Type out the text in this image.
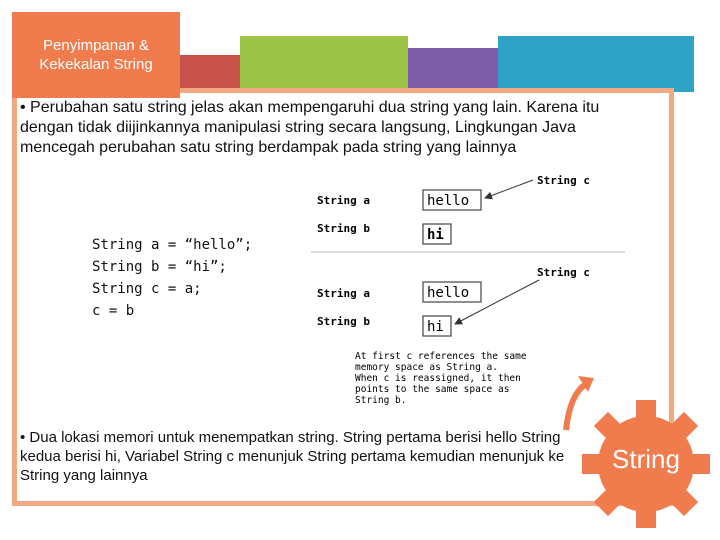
Penyimpanan & Kekekalan String
• Perubahan satu string jelas akan mempengaruhi dua string yang lain. Karena itu dengan tidak diijinkannya manipulasi string secara langsung, Lingkungan Java mencegah perubahan satu string berdampak pada string yang lainnya
String a = “hello”;
String b = “hi”;
String c = a;
c = b
String c
String a	hello
String b	hi
String c
String a	hello
String b	hi
At first c references the same
memory space as String a.
When c is reassigned, it then
points to the same space as
String b.
• Dua lokasi memori untuk menempatkan string. String pertama berisi hello String kedua berisi hi, Variabel String c menunjuk String pertama kemudian menunjuk ke String yang lainnya
String
